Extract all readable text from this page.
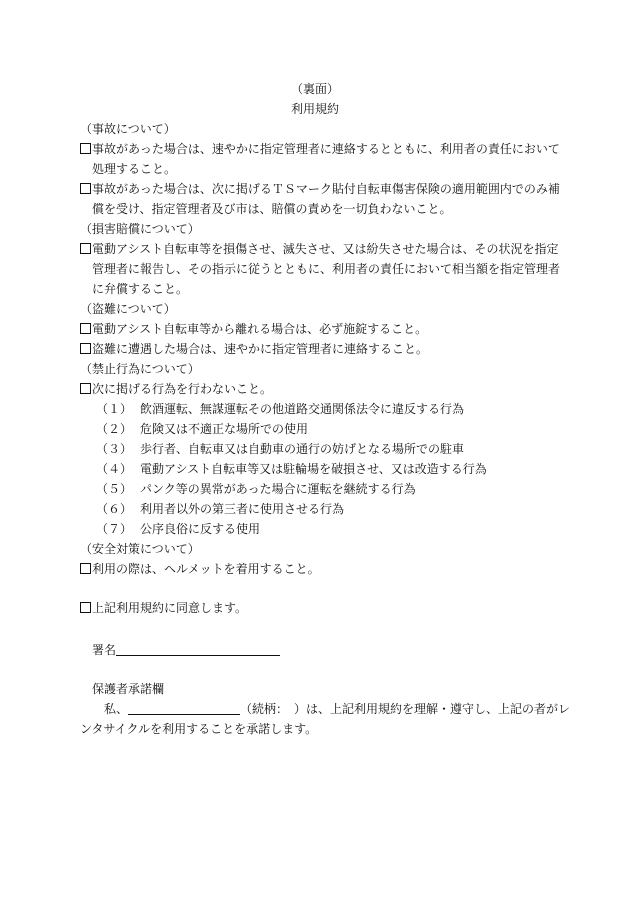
（裏面）
利用規約
（事故について）
事故があった場合は、速やかに指定管理者に連絡するとともに、利用者の責任において
処理すること。
事故があった場合は、次に掲げるＴＳマーク貼付自転車傷害保険の適用範囲内でのみ補
償を受け、指定管理者及び市は、賠償の責めを一切負わないこと。
（損害賠償について）
電動アシスト自転車等を損傷させ、滅失させ、又は紛失させた場合は、その状況を指定
管理者に報告し、その指示に従うとともに、利用者の責任において相当額を指定管理者
に弁償すること。
（盗難について）
電動アシスト自転車等から離れる場合は、必ず施錠すること。
盗難に遭遇した場合は、速やかに指定管理者に連絡すること。
（禁止行為について）
次に掲げる行為を行わないこと。
（１） 飲酒運転、無謀運転その他道路交通関係法令に違反する行為
（２） 危険又は不適正な場所での使用
（３） 歩行者、自転車又は自動車の通行の妨げとなる場所での駐車
（４） 電動アシスト自転車等又は駐輪場を破損させ、又は改造する行為
（５） パンク等の異常があった場合に運転を継続する行為
（６） 利用者以外の第三者に使用させる行為
（７） 公序良俗に反する使用
（安全対策について）
利用の際は、ヘルメットを着用すること。
上記利用規約に同意します。
署名
保護者承諾欄
私、	（続柄：　）は、上記利用規約を理解・遵守し、上記の者がレ
ンタサイクルを利用することを承諾します。
